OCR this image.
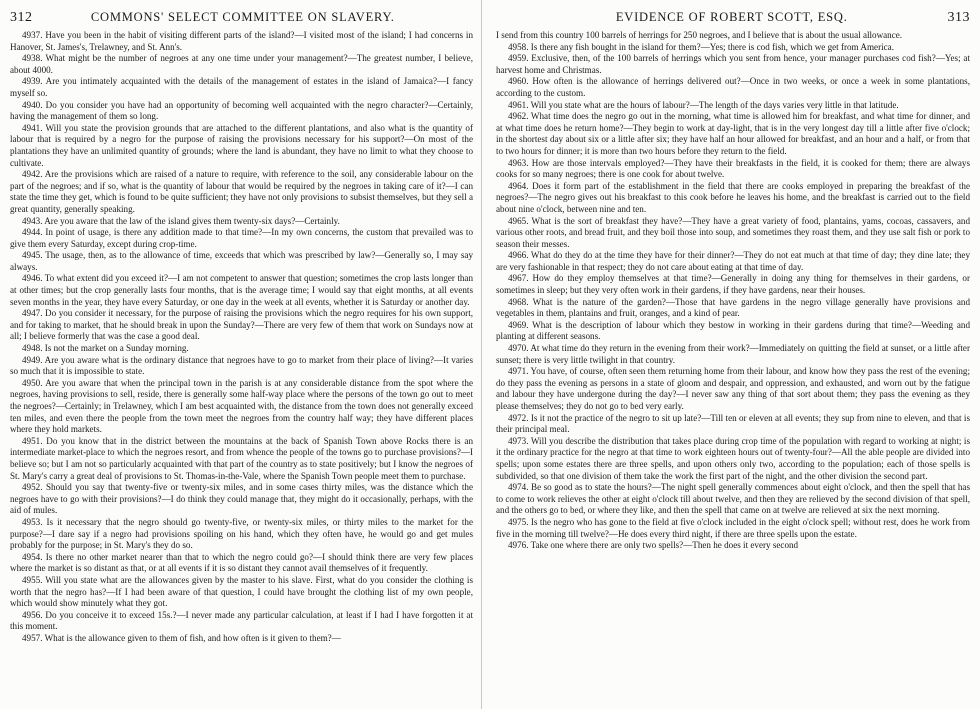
312	COMMONS' SELECT COMMITTEE ON SLAVERY.

4937. Have you been in the habit of visiting different parts of the island?—I visited most of the island; I had concerns in Hanover, St. James's, Trelawney, and St. Ann's.

4938. What might be the number of negroes at any one time under your management?—The greatest number, I believe, about 4000.

4939. Are you intimately acquainted with the details of the management of estates in the island of Jamaica?—I fancy myself so.

4940. Do you consider you have had an opportunity of becoming well acquainted with the negro character?—Certainly, having the management of them so long.

4941. Will you state the provision grounds that are attached to the different plantations, and also what is the quantity of labour that is required by a negro for the purpose of raising the provisions necessary for his support?—On most of the plantations they have an unlimited quantity of grounds; where the land is abundant, they have no limit to what they choose to cultivate.

4942. Are the provisions which are raised of a nature to require, with reference to the soil, any considerable labour on the part of the negroes; and if so, what is the quantity of labour that would be required by the negroes in taking care of it?—I can state the time they get, which is found to be quite sufficient; they have not only provisions to subsist themselves, but they sell a great quantity, generally speaking.

4943. Are you aware that the law of the island gives them twenty-six days?—Certainly.

4944. In point of usage, is there any addition made to that time?—In my own concerns, the custom that prevailed was to give them every Saturday, except during crop-time.

4945. The usage, then, as to the allowance of time, exceeds that which was prescribed by law?—Generally so, I may say always.

4946. To what extent did you exceed it?—I am not competent to answer that question; sometimes the crop lasts longer than at other times; but the crop generally lasts four months, that is the average time; I would say that eight months, at all events seven months in the year, they have every Saturday, or one day in the week at all events, whether it is Saturday or another day.

4947. Do you consider it necessary, for the purpose of raising the provisions which the negro requires for his own support, and for taking to market, that he should break in upon the Sunday?—There are very few of them that work on Sundays now at all; I believe formerly that was the case a good deal.

4948. Is not the market on a Sunday morning.

4949. Are you aware what is the ordinary distance that negroes have to go to market from their place of living?—It varies so much that it is impossible to state.

4950. Are you aware that when the principal town in the parish is at any considerable distance from the spot where the negroes, having provisions to sell, reside, there is generally some half-way place where the persons of the town go out to meet the negroes?—Certainly; in Trelawney, which I am best acquainted with, the distance from the town does not generally exceed ten miles, and even there the people from the town meet the negroes from the country half way; they have different places where they hold markets.

4951. Do you know that in the district between the mountains at the back of Spanish Town above Rocks there is an intermediate market-place to which the negroes resort, and from whence the people of the towns go to purchase provisions?—I believe so; but I am not so particularly acquainted with that part of the country as to state positively; but I know the negroes of St. Mary's carry a great deal of provisions to St. Thomas-in-the-Vale, where the Spanish Town people meet them to purchase.

4952. Should you say that twenty-five or twenty-six miles, and in some cases thirty miles, was the distance which the negroes have to go with their provisions?—I do think they could manage that, they might do it occasionally, perhaps, with the aid of mules.

4953. Is it necessary that the negro should go twenty-five, or twenty-six miles, or thirty miles to the market for the purpose?—I dare say if a negro had provisions spoiling on his hand, which they often have, he would go and get mules probably for the purpose; in St. Mary's they do so.

4954. Is there no other market nearer than that to which the negro could go?—I should think there are very few places where the market is so distant as that, or at all events if it is so distant they cannot avail themselves of it frequently.

4955. Will you state what are the allowances given by the master to his slave. First, what do you consider the clothing is worth that the negro has?—If I had been aware of that question, I could have brought the clothing list of my own people, which would show minutely what they got.

4956. Do you conceive it to exceed 15s.?—I never made any particular calculation, at least if I had I have forgotten it at this moment.

4957. What is the allowance given to them of fish, and how often is it given to them?—

EVIDENCE OF ROBERT SCOTT, ESQ.	313

I send from this country 100 barrels of herrings for 250 negroes, and I believe that is about the usual allowance.

4958. Is there any fish bought in the island for them?—Yes; there is cod fish, which we get from America.

4959. Exclusive, then, of the 100 barrels of herrings which you sent from hence, your manager purchases cod fish?—Yes; at harvest home and Christmas.

4960. How often is the allowance of herrings delivered out?—Once in two weeks, or once a week in some plantations, according to the custom.

4961. Will you state what are the hours of labour?—The length of the days varies very little in that latitude.

4962. What time does the negro go out in the morning, what time is allowed him for breakfast, and what time for dinner, and at what time does he return home?—They begin to work at day-light, that is in the very longest day till a little after five o'clock; in the shortest day about six or a little after six; they have half an hour allowed for breakfast, and an hour and a half, or from that to two hours for dinner; it is more than two hours before they return to the field.

4963. How are those intervals employed?—They have their breakfasts in the field, it is cooked for them; there are always cooks for so many negroes; there is one cook for about twelve.

4964. Does it form part of the establishment in the field that there are cooks employed in preparing the breakfast of the negroes?—The negro gives out his breakfast to this cook before he leaves his home, and the breakfast is carried out to the field about nine o'clock, between nine and ten.

4965. What is the sort of breakfast they have?—They have a great variety of food, plantains, yams, cocoas, cassavers, and various other roots, and bread fruit, and they boil those into soup, and sometimes they roast them, and they use salt fish or pork to season their messes.

4966. What do they do at the time they have for their dinner?—They do not eat much at that time of day; they dine late; they are very fashionable in that respect; they do not care about eating at that time of day.

4967. How do they employ themselves at that time?—Generally in doing any thing for themselves in their gardens, or sometimes in sleep; but they very often work in their gardens, if they have gardens, near their houses.

4968. What is the nature of the garden?—Those that have gardens in the negro village generally have provisions and vegetables in them, plantains and fruit, oranges, and a kind of pear.

4969. What is the description of labour which they bestow in working in their gardens during that time?—Weeding and planting at different seasons.

4970. At what time do they return in the evening from their work?—Immediately on quitting the field at sunset, or a little after sunset; there is very little twilight in that country.

4971. You have, of course, often seen them returning home from their labour, and know how they pass the rest of the evening; do they pass the evening as persons in a state of gloom and despair, and oppression, and exhausted, and worn out by the fatigue and labour they have undergone during the day?—I never saw any thing of that sort about them; they pass the evening as they please themselves; they do not go to bed very early.

4972. Is it not the practice of the negro to sit up late?—Till ten or eleven at all events; they sup from nine to eleven, and that is their principal meal.

4973. Will you describe the distribution that takes place during crop time of the population with regard to working at night; is it the ordinary practice for the negro at that time to work eighteen hours out of twenty-four?—All the able people are divided into spells; upon some estates there are three spells, and upon others only two, according to the population; each of those spells is subdivided, so that one division of them take the work the first part of the night, and the other division the second part.

4974. Be so good as to state the hours?—The night spell generally commences about eight o'clock, and then the spell that has to come to work relieves the other at eight o'clock till about twelve, and then they are relieved by the second division of that spell, and the others go to bed, or where they like, and then the spell that came on at twelve are relieved at six the next morning.

4975. Is the negro who has gone to the field at five o'clock included in the eight o'clock spell; without rest, does he work from five in the morning till twelve?—He does every third night, if there are three spells upon the estate.

4976. Take one where there are only two spells?—Then he does it every second
